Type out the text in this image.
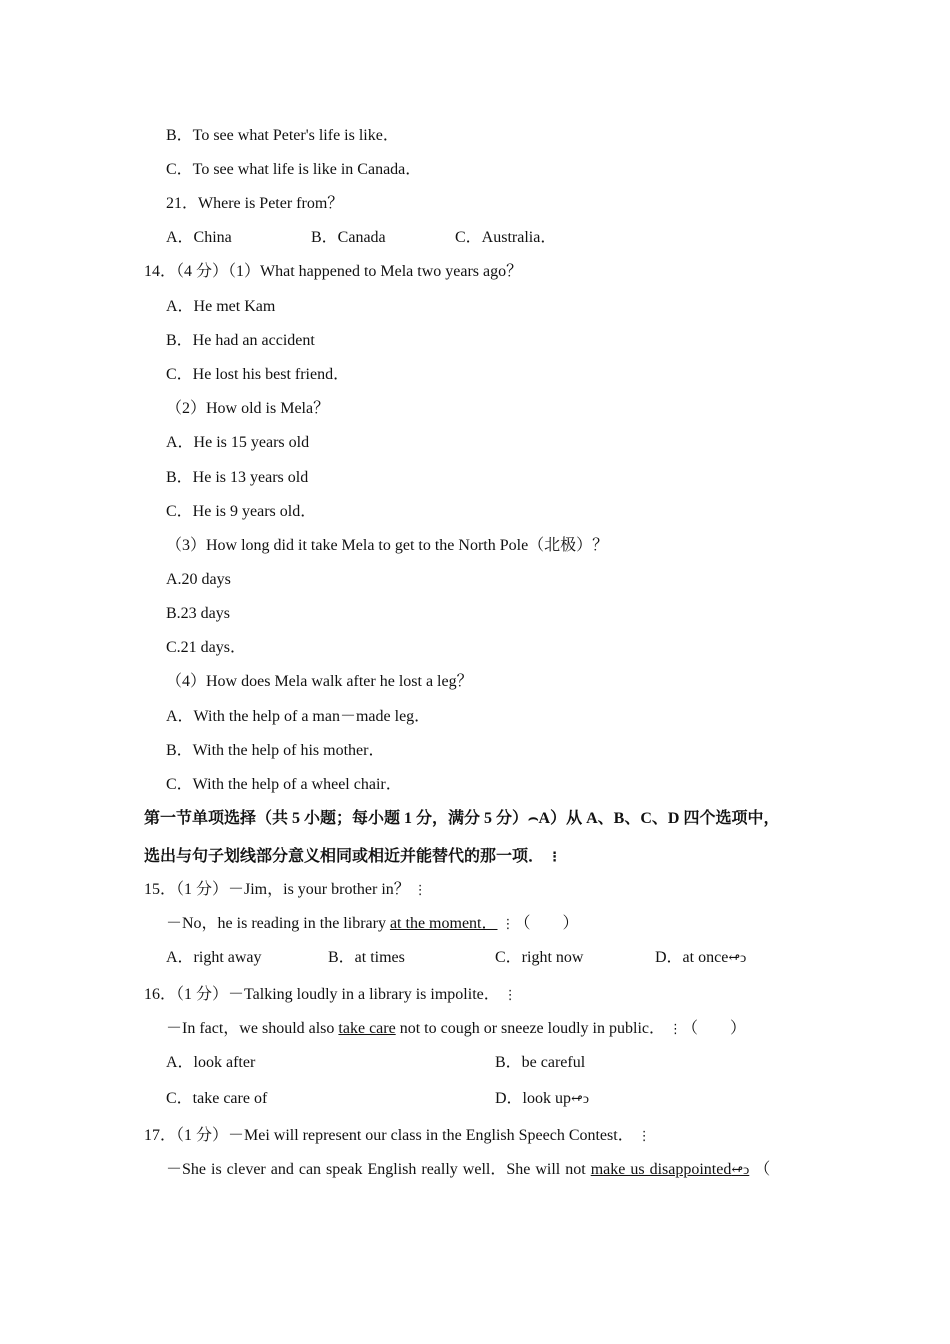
B．To see what Peter's life is like．
C．To see what life is like in Canada．
21．Where is Peter from？
A．China	B．Canada	C．Australia．
14．（4 分）（1）What happened to Mela two years ago？
A．He met Kam
B．He had an accident
C．He lost his best friend．
（2）How old is Mela？
A．He is 15 years old
B．He is 13 years old
C．He is 9 years old．
（3）How long did it take Mela to get to the North Pole（北极）？
A.20 days
B.23 days
C.21 days．
（4）How does Mela walk after he lost a leg？
A．With the help of a man－made leg．
B．With the help of his mother．
C．With the help of a wheel chair．
第一节单项选择（共 5 小题；每小题 1 分，满分 5 分）⌢A）从 A、B、C、D 四个选项中，
选出与句子划线部分意义相同或相近并能替代的那一项． ⋮
15．（1 分）－Jim，is your brother in？ ⋮
－No，he is reading in the library at the moment． ⋮（　　）
A．right away	B．at times	C．right now	D．at once↫ↄ
16．（1 分）－Talking loudly in a library is impolite． ⋮
－In fact，we should also take care not to cough or sneeze loudly in public． ⋮（　　）
A．look after	B．be careful
C．take care of	D．look up↫ↄ
17．（1 分）－Mei will represent our class in the English Speech Contest． ⋮
－She is clever and can speak English really well．She will not make us disappointed↫ↄ （
